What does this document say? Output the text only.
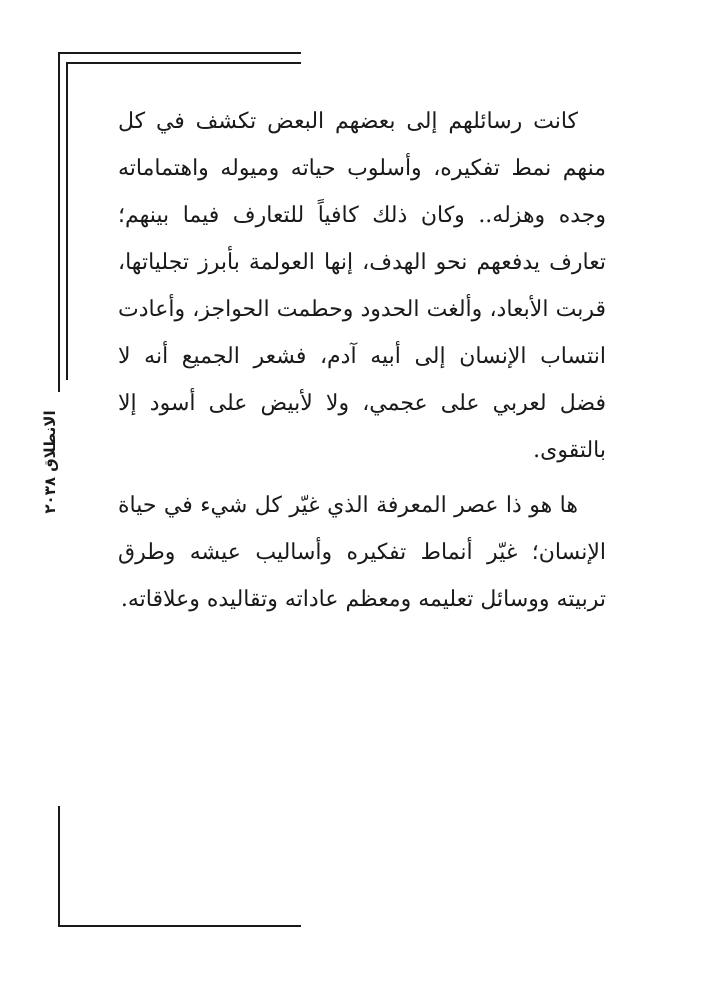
الانطلاق ٢٠٣٨

كانت رسائلهم إلى بعضهم البعض تكشف في كل منهم نمط تفكيره، وأسلوب حياته وميوله واهتماماته وجده وهزله.. وكان ذلك كافياً للتعارف فيما بينهم؛ تعارف يدفعهم نحو الهدف، إنها العولمة بأبرز تجلياتها، قربت الأبعاد، وألغت الحدود وحطمت الحواجز، وأعادت انتساب الإنسان إلى أبيه آدم، فشعر الجميع أنه لا فضل لعربي على عجمي، ولا لأبيض على أسود إلا بالتقوى.

ها هو ذا عصر المعرفة الذي غيّر كل شيء في حياة الإنسان؛ غيّر أنماط تفكيره وأساليب عيشه وطرق تربيته ووسائل تعليمه ومعظم عاداته وتقاليده وعلاقاته.
